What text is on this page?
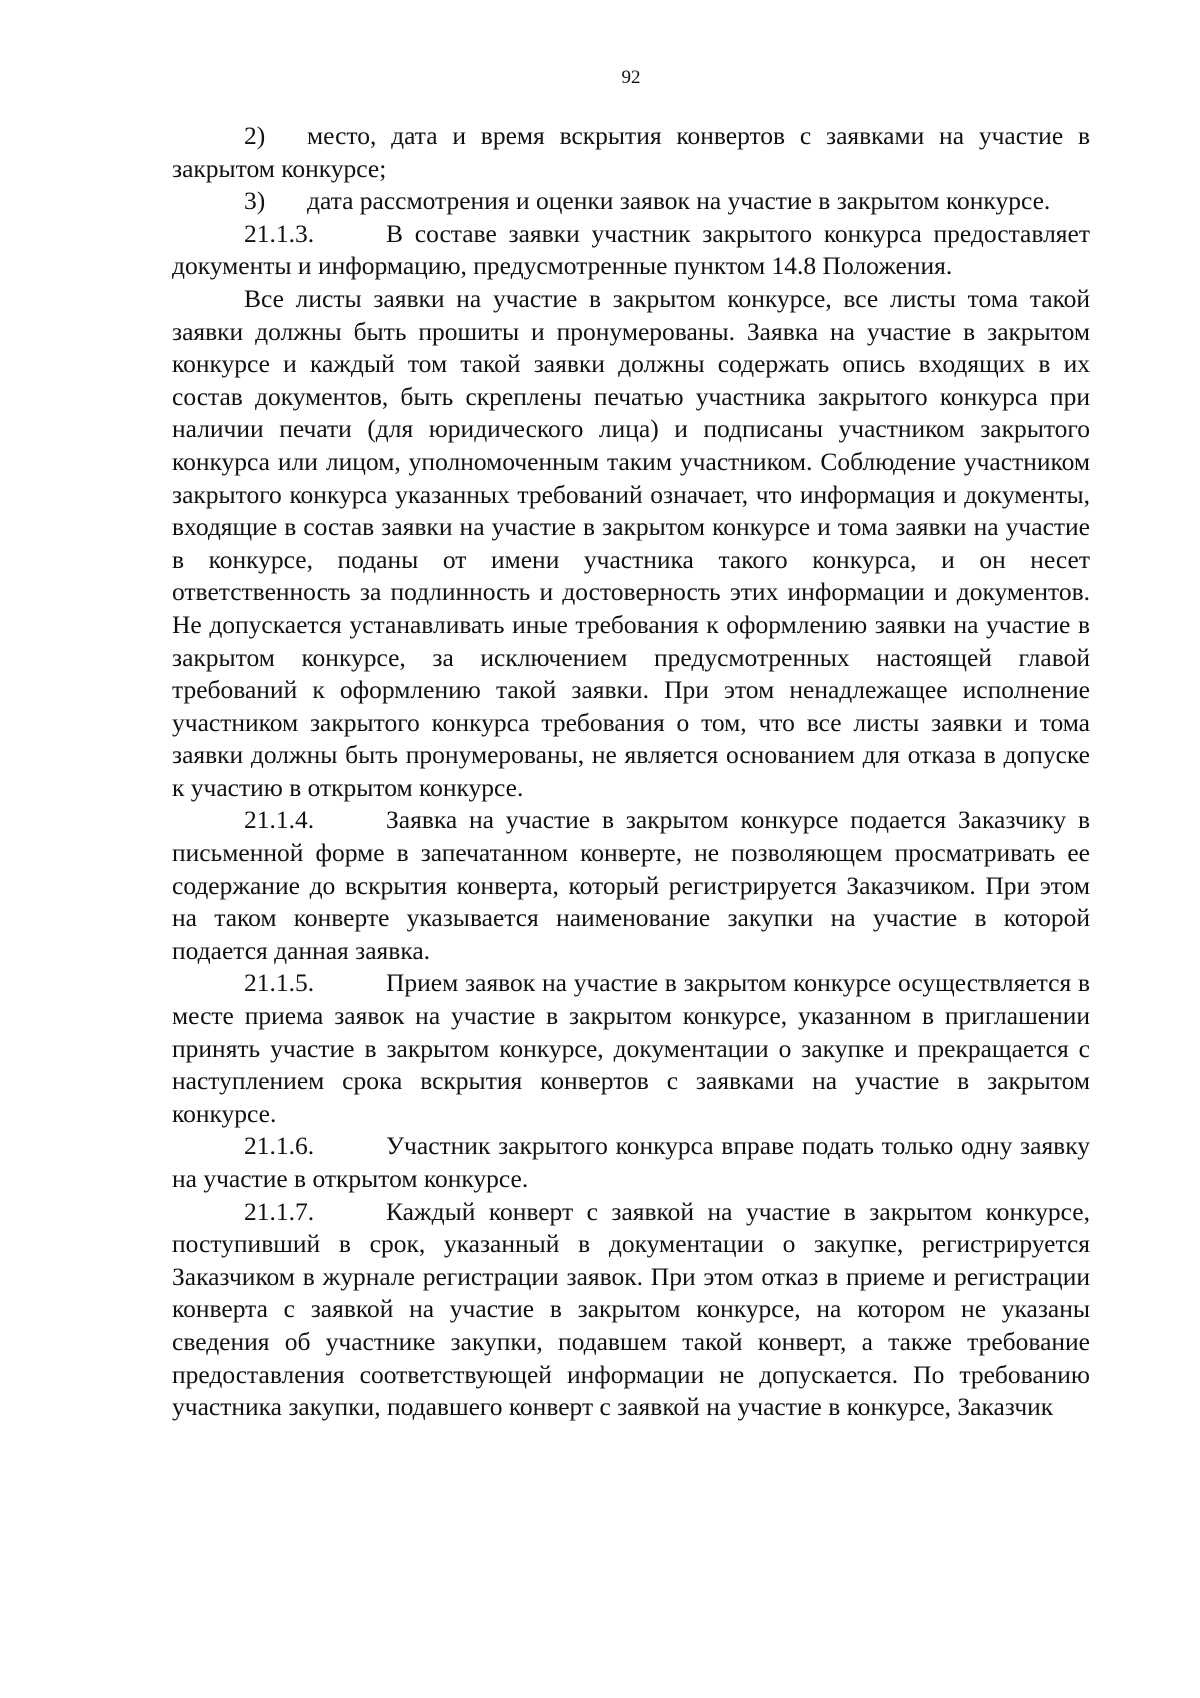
92

2) место, дата и время вскрытия конвертов с заявками на участие в закрытом конкурсе;

3) дата рассмотрения и оценки заявок на участие в закрытом конкурсе.

21.1.3.	В составе заявки участник закрытого конкурса предоставляет документы и информацию, предусмотренные пунктом 14.8 Положения.

Все листы заявки на участие в закрытом конкурсе, все листы тома такой заявки должны быть прошиты и пронумерованы. Заявка на участие в закрытом конкурсе и каждый том такой заявки должны содержать опись входящих в их состав документов, быть скреплены печатью участника закрытого конкурса при наличии печати (для юридического лица) и подписаны участником закрытого конкурса или лицом, уполномоченным таким участником. Соблюдение участником закрытого конкурса указанных требований означает, что информация и документы, входящие в состав заявки на участие в закрытом конкурсе и тома заявки на участие в конкурсе, поданы от имени участника такого конкурса, и он несет ответственность за подлинность и достоверность этих информации и документов. Не допускается устанавливать иные требования к оформлению заявки на участие в закрытом конкурсе, за исключением предусмотренных настоящей главой требований к оформлению такой заявки. При этом ненадлежащее исполнение участником закрытого конкурса требования о том, что все листы заявки и тома заявки должны быть пронумерованы, не является основанием для отказа в допуске к участию в открытом конкурсе.

21.1.4.	Заявка на участие в закрытом конкурсе подается Заказчику в письменной форме в запечатанном конверте, не позволяющем просматривать ее содержание до вскрытия конверта, который регистрируется Заказчиком. При этом на таком конверте указывается наименование закупки на участие в которой подается данная заявка.

21.1.5.	Прием заявок на участие в закрытом конкурсе осуществляется в месте приема заявок на участие в закрытом конкурсе, указанном в приглашении принять участие в закрытом конкурсе, документации о закупке и прекращается с наступлением срока вскрытия конвертов с заявками на участие в закрытом конкурсе.

21.1.6.	Участник закрытого конкурса вправе подать только одну заявку на участие в открытом конкурсе.

21.1.7.	Каждый конверт с заявкой на участие в закрытом конкурсе, поступивший в срок, указанный в документации о закупке, регистрируется Заказчиком в журнале регистрации заявок. При этом отказ в приеме и регистрации конверта с заявкой на участие в закрытом конкурсе, на котором не указаны сведения об участнике закупки, подавшем такой конверт, а также требование предоставления соответствующей информации не допускается. По требованию участника закупки, подавшего конверт с заявкой на участие в конкурсе, Заказчик
